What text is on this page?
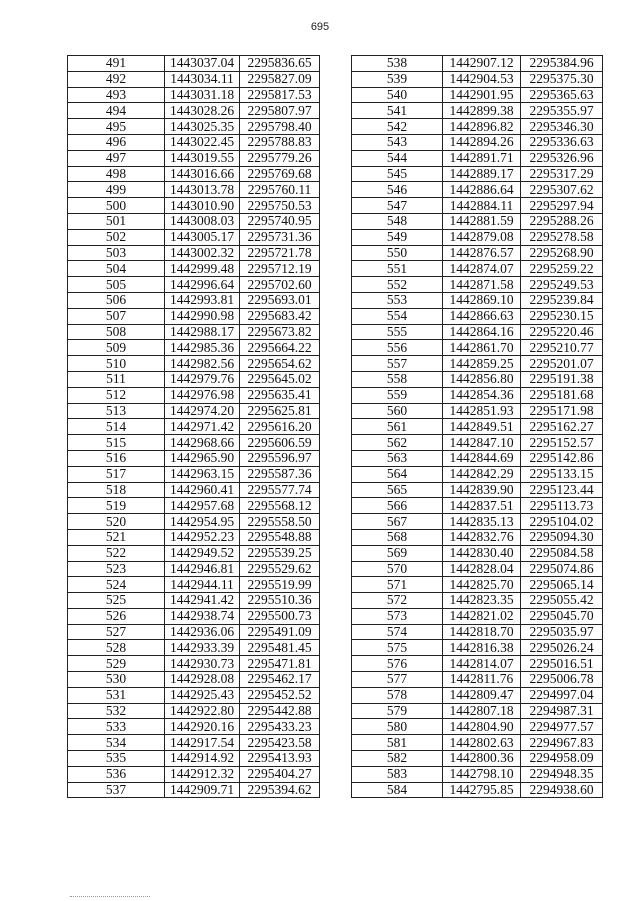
695
491	1443037.04	2295836.65
492	1443034.11	2295827.09
493	1443031.18	2295817.53
494	1443028.26	2295807.97
495	1443025.35	2295798.40
496	1443022.45	2295788.83
497	1443019.55	2295779.26
498	1443016.66	2295769.68
499	1443013.78	2295760.11
500	1443010.90	2295750.53
501	1443008.03	2295740.95
502	1443005.17	2295731.36
503	1443002.32	2295721.78
504	1442999.48	2295712.19
505	1442996.64	2295702.60
506	1442993.81	2295693.01
507	1442990.98	2295683.42
508	1442988.17	2295673.82
509	1442985.36	2295664.22
510	1442982.56	2295654.62
511	1442979.76	2295645.02
512	1442976.98	2295635.41
513	1442974.20	2295625.81
514	1442971.42	2295616.20
515	1442968.66	2295606.59
516	1442965.90	2295596.97
517	1442963.15	2295587.36
518	1442960.41	2295577.74
519	1442957.68	2295568.12
520	1442954.95	2295558.50
521	1442952.23	2295548.88
522	1442949.52	2295539.25
523	1442946.81	2295529.62
524	1442944.11	2295519.99
525	1442941.42	2295510.36
526	1442938.74	2295500.73
527	1442936.06	2295491.09
528	1442933.39	2295481.45
529	1442930.73	2295471.81
530	1442928.08	2295462.17
531	1442925.43	2295452.52
532	1442922.80	2295442.88
533	1442920.16	2295433.23
534	1442917.54	2295423.58
535	1442914.92	2295413.93
536	1442912.32	2295404.27
537	1442909.71	2295394.62
538	1442907.12	2295384.96
539	1442904.53	2295375.30
540	1442901.95	2295365.63
541	1442899.38	2295355.97
542	1442896.82	2295346.30
543	1442894.26	2295336.63
544	1442891.71	2295326.96
545	1442889.17	2295317.29
546	1442886.64	2295307.62
547	1442884.11	2295297.94
548	1442881.59	2295288.26
549	1442879.08	2295278.58
550	1442876.57	2295268.90
551	1442874.07	2295259.22
552	1442871.58	2295249.53
553	1442869.10	2295239.84
554	1442866.63	2295230.15
555	1442864.16	2295220.46
556	1442861.70	2295210.77
557	1442859.25	2295201.07
558	1442856.80	2295191.38
559	1442854.36	2295181.68
560	1442851.93	2295171.98
561	1442849.51	2295162.27
562	1442847.10	2295152.57
563	1442844.69	2295142.86
564	1442842.29	2295133.15
565	1442839.90	2295123.44
566	1442837.51	2295113.73
567	1442835.13	2295104.02
568	1442832.76	2295094.30
569	1442830.40	2295084.58
570	1442828.04	2295074.86
571	1442825.70	2295065.14
572	1442823.35	2295055.42
573	1442821.02	2295045.70
574	1442818.70	2295035.97
575	1442816.38	2295026.24
576	1442814.07	2295016.51
577	1442811.76	2295006.78
578	1442809.47	2294997.04
579	1442807.18	2294987.31
580	1442804.90	2294977.57
581	1442802.63	2294967.83
582	1442800.36	2294958.09
583	1442798.10	2294948.35
584	1442795.85	2294938.60
